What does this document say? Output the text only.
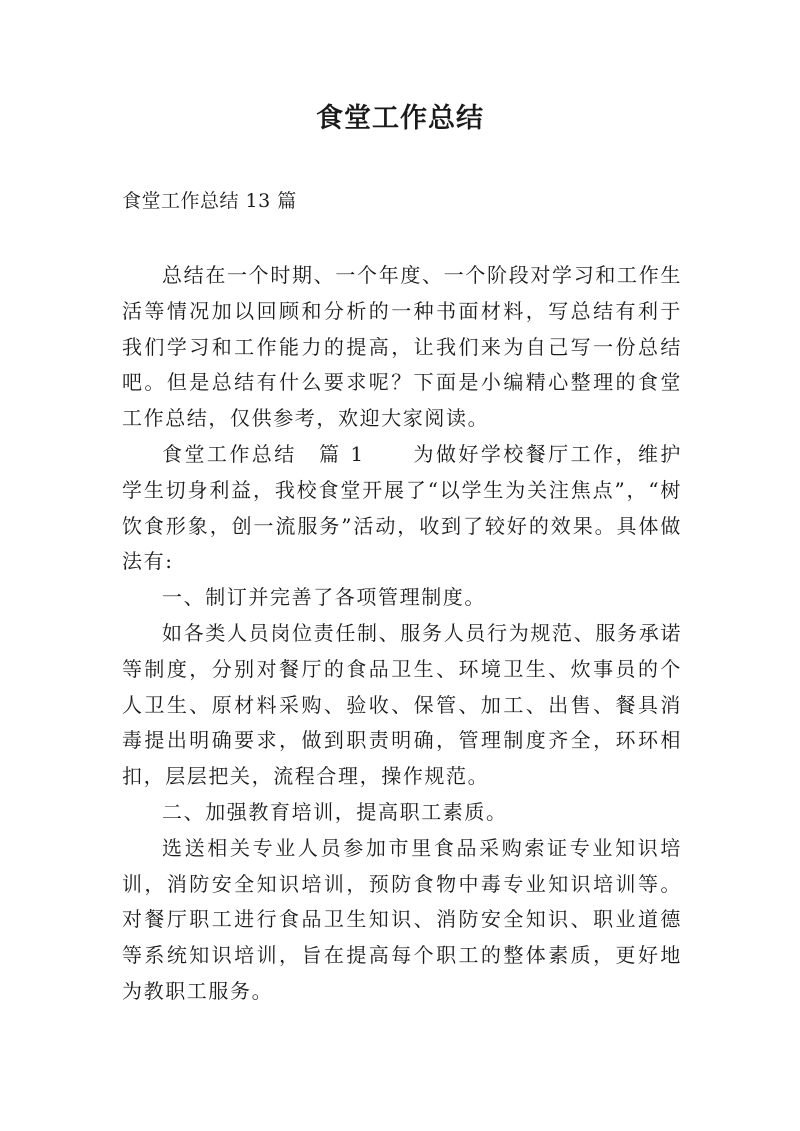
食堂工作总结

食堂工作总结 13 篇

总结在一个时期、一个年度、一个阶段对学习和工作生活等情况加以回顾和分析的一种书面材料，写总结有利于我们学习和工作能力的提高，让我们来为自己写一份总结吧。但是总结有什么要求呢？下面是小编精心整理的食堂工作总结，仅供参考，欢迎大家阅读。

食堂工作总结　篇 1 为做好学校餐厅工作，维护学生切身利益，我校食堂开展了“以学生为关注焦点”，“树饮食形象，创一流服务”活动，收到了较好的效果。具体做法有:

一、制订并完善了各项管理制度。

如各类人员岗位责任制、服务人员行为规范、服务承诺等制度，分别对餐厅的食品卫生、环境卫生、炊事员的个人卫生、原材料采购、验收、保管、加工、出售、餐具消毒提出明确要求，做到职责明确，管理制度齐全，环环相扣，层层把关，流程合理，操作规范。

二、加强教育培训，提高职工素质。

选送相关专业人员参加市里食品采购索证专业知识培训，消防安全知识培训，预防食物中毒专业知识培训等。对餐厅职工进行食品卫生知识、消防安全知识、职业道德等系统知识培训，旨在提高每个职工的整体素质，更好地为教职工服务。
